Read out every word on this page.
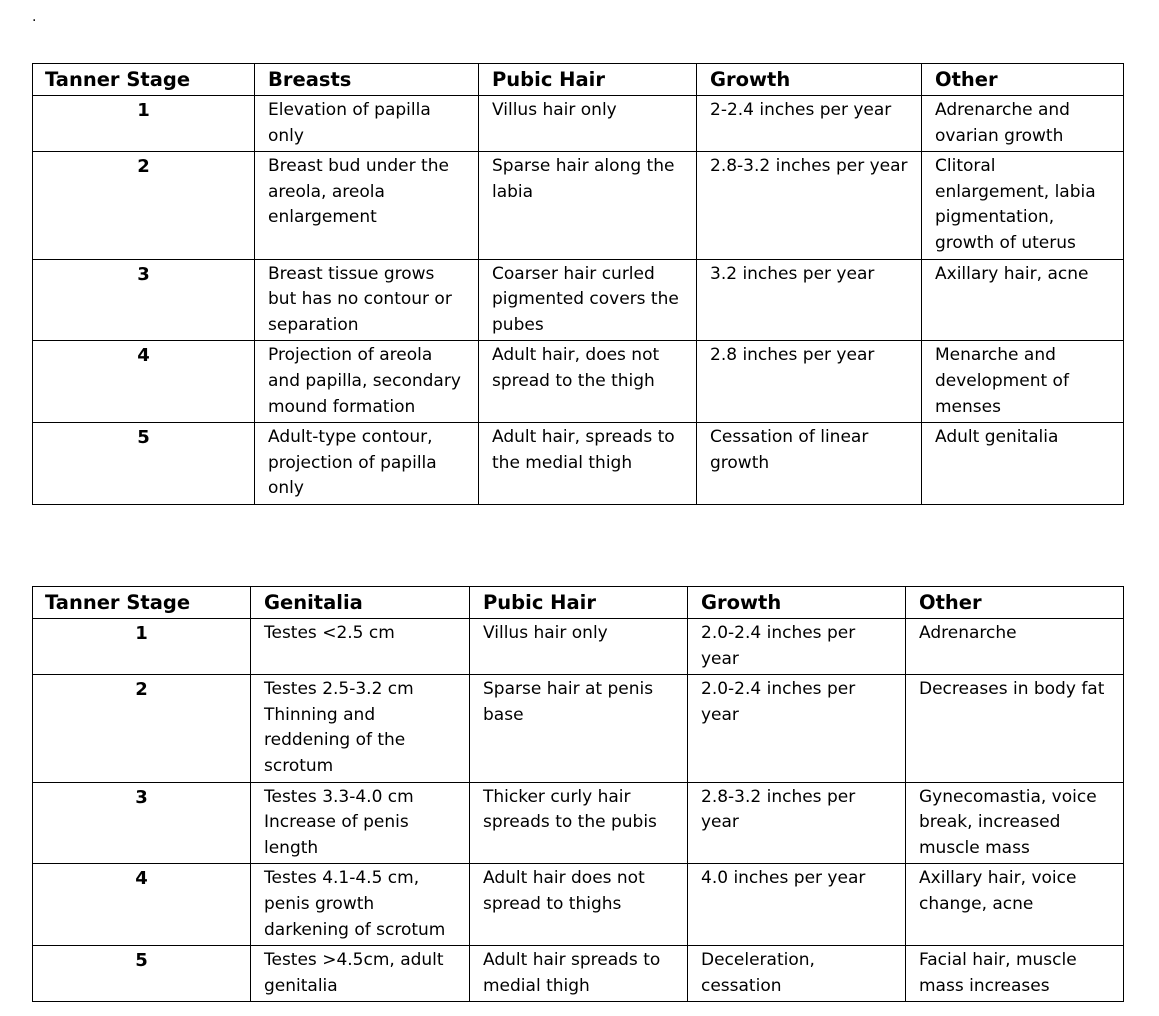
.
Tanner Stage	Breasts	Pubic Hair	Growth	Other
1	Elevation of papilla only	Villus hair only	2-2.4 inches per year	Adrenarche and ovarian growth
2	Breast bud under the areola, areola enlargement	Sparse hair along the labia	2.8-3.2 inches per year	Clitoral enlargement, labia pigmentation, growth of uterus
3	Breast tissue grows but has no contour or separation	Coarser hair curled pigmented covers the pubes	3.2 inches per year	Axillary hair, acne
4	Projection of areola and papilla, secondary mound formation	Adult hair, does not spread to the thigh	2.8 inches per year	Menarche and development of menses
5	Adult-type contour, projection of papilla only	Adult hair, spreads to the medial thigh	Cessation of linear growth	Adult genitalia
Tanner Stage	Genitalia	Pubic Hair	Growth	Other
1	Testes <2.5 cm	Villus hair only	2.0-2.4 inches per year	Adrenarche
2	Testes 2.5-3.2 cm Thinning and reddening of the scrotum	Sparse hair at penis base	2.0-2.4 inches per year	Decreases in body fat
3	Testes 3.3-4.0 cm Increase of penis length	Thicker curly hair spreads to the pubis	2.8-3.2 inches per year	Gynecomastia, voice break, increased muscle mass
4	Testes 4.1-4.5 cm, penis growth darkening of scrotum	Adult hair does not spread to thighs	4.0 inches per year	Axillary hair, voice change, acne
5	Testes >4.5cm, adult genitalia	Adult hair spreads to medial thigh	Deceleration, cessation	Facial hair, muscle mass increases
